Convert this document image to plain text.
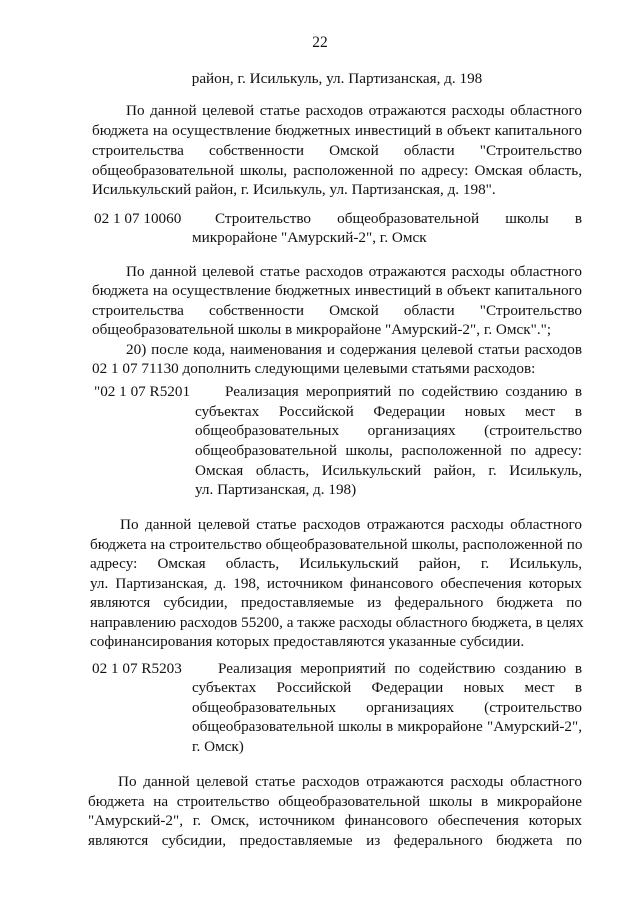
22
район, г. Исилькуль, ул. Партизанская, д. 198
По данной целевой статье расходов отражаются расходы областного
бюджета на осуществление бюджетных инвестиций в объект капитального
строительства собственности Омской области "Строительство
общеобразовательной школы, расположенной по адресу: Омская область,
Исилькульский район, г. Исилькуль, ул. Партизанская, д. 198".
02 1 07 10060 Строительство общеобразовательной школы в
микрорайоне "Амурский-2", г. Омск
По данной целевой статье расходов отражаются расходы областного
бюджета на осуществление бюджетных инвестиций в объект капитального
строительства собственности Омской области "Строительство
общеобразовательной школы в микрорайоне "Амурский-2", г. Омск".";
20) после кода, наименования и содержания целевой статьи расходов
02 1 07 71130 дополнить следующими целевыми статьями расходов:
"02 1 07 R5201 Реализация мероприятий по содействию созданию в
субъектах Российской Федерации новых мест в
общеобразовательных организациях (строительство
общеобразовательной школы, расположенной по адресу:
Омская область, Исилькульский район, г. Исилькуль,
ул. Партизанская, д. 198)
По данной целевой статье расходов отражаются расходы областного
бюджета на строительство общеобразовательной школы, расположенной по
адресу: Омская область, Исилькульский район, г. Исилькуль,
ул. Партизанская, д. 198, источником финансового обеспечения которых
являются субсидии, предоставляемые из федерального бюджета по
направлению расходов 55200, а также расходы областного бюджета, в целях
софинансирования которых предоставляются указанные субсидии.
02 1 07 R5203 Реализация мероприятий по содействию созданию в
субъектах Российской Федерации новых мест в
общеобразовательных организациях (строительство
общеобразовательной школы в микрорайоне "Амурский-2",
г. Омск)
По данной целевой статье расходов отражаются расходы областного
бюджета на строительство общеобразовательной школы в микрорайоне
"Амурский-2", г. Омск, источником финансового обеспечения которых
являются субсидии, предоставляемые из федерального бюджета по
